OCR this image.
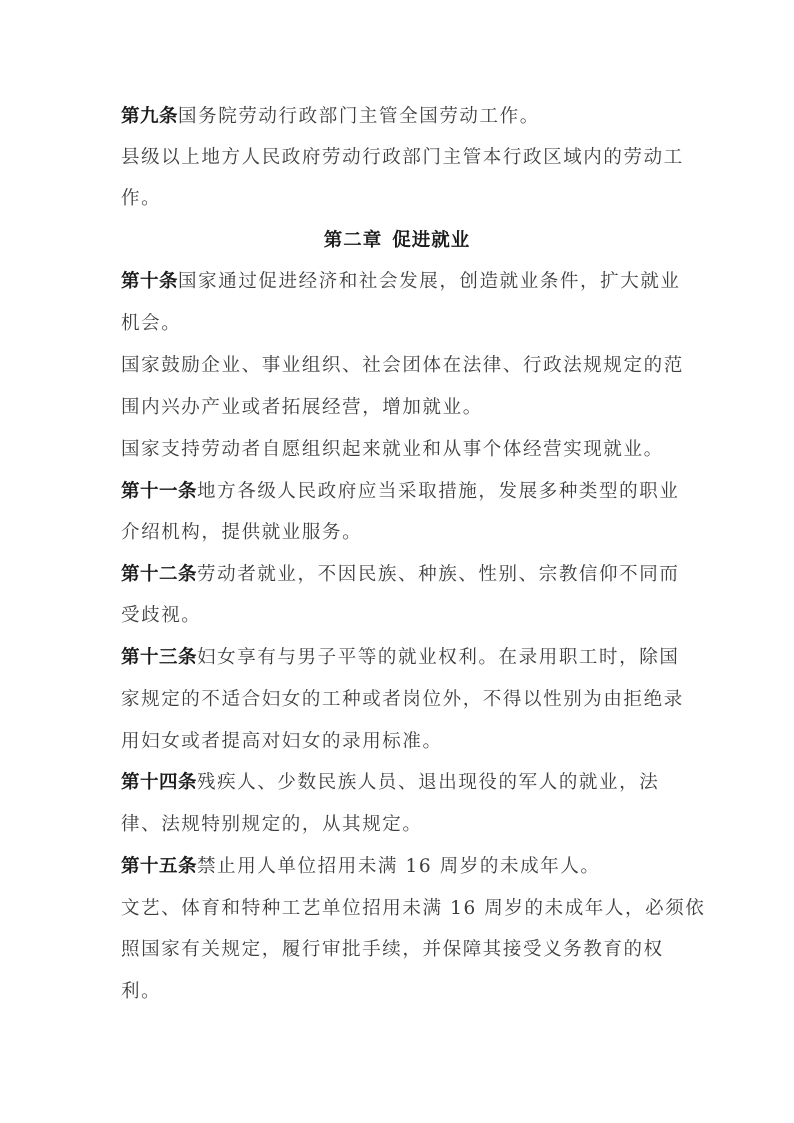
第九条国务院劳动行政部门主管全国劳动工作。
县级以上地方人民政府劳动行政部门主管本行政区域内的劳动工
作。
第二章 促进就业
第十条国家通过促进经济和社会发展，创造就业条件，扩大就业
机会。
国家鼓励企业、事业组织、社会团体在法律、行政法规规定的范
围内兴办产业或者拓展经营，增加就业。
国家支持劳动者自愿组织起来就业和从事个体经营实现就业。
第十一条地方各级人民政府应当采取措施，发展多种类型的职业
介绍机构，提供就业服务。
第十二条劳动者就业，不因民族、种族、性别、宗教信仰不同而
受歧视。
第十三条妇女享有与男子平等的就业权利。在录用职工时，除国
家规定的不适合妇女的工种或者岗位外，不得以性别为由拒绝录
用妇女或者提高对妇女的录用标准。
第十四条残疾人、少数民族人员、退出现役的军人的就业，法
律、法规特别规定的，从其规定。
第十五条禁止用人单位招用未满 16 周岁的未成年人。
文艺、体育和特种工艺单位招用未满 16 周岁的未成年人，必须依
照国家有关规定，履行审批手续，并保障其接受义务教育的权
利。
